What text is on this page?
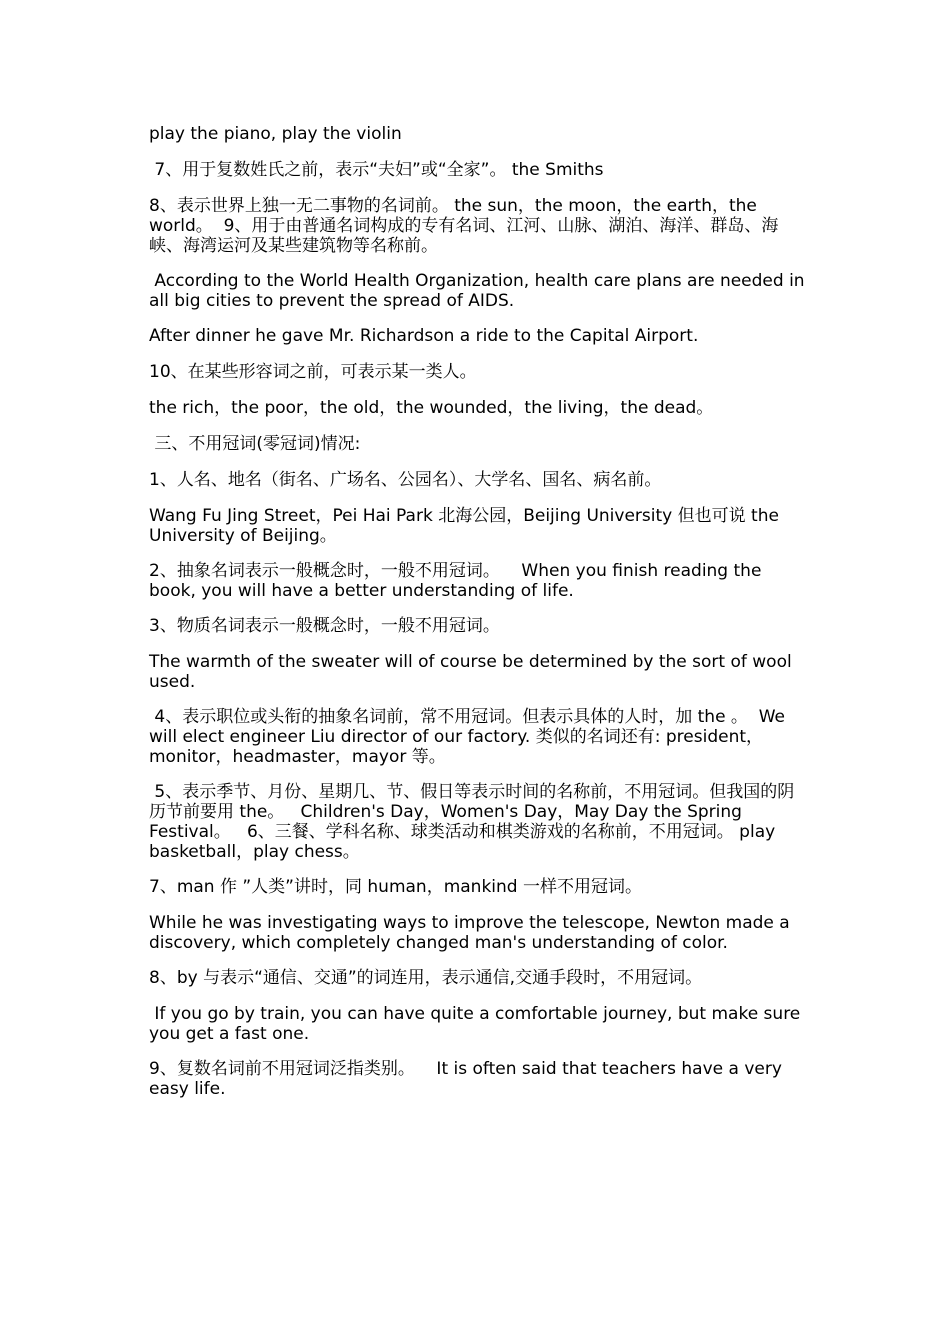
play the piano, play the violin

7、用于复数姓氏之前，表示“夫妇”或“全家”。 the Smiths

8、表示世界上独一无二事物的名词前。 the sun，the moon，the earth，the world。  9、用于由普通名词构成的专有名词、江河、山脉、湖泊、海洋、群岛、海峡、海湾运河及某些建筑物等名称前。

According to the World Health Organization, health care plans are needed in all big cities to prevent the spread of AIDS.

After dinner he gave Mr. Richardson a ride to the Capital Airport.

10、在某些形容词之前，可表示某一类人。

the rich，the poor，the old，the wounded，the living，the dead。

三、不用冠词(零冠词)情况:

1、人名、地名（街名、广场名、公园名）、大学名、国名、病名前。

Wang Fu Jing Street，Pei Hai Park 北海公园，Beijing University 但也可说 the University of Beijing。

2、抽象名词表示一般概念时，一般不用冠词。    When you finish reading the book, you will have a better understanding of life.

3、物质名词表示一般概念时，一般不用冠词。

The warmth of the sweater will of course be determined by the sort of wool used.

4、表示职位或头衔的抽象名词前，常不用冠词。但表示具体的人时，加 the 。  We will elect engineer Liu director of our factory. 类似的名词还有: president，monitor，headmaster，mayor 等。

5、表示季节、月份、星期几、节、假日等表示时间的名称前，不用冠词。但我国的阴历节前要用 the。   Children's Day，Women's Day，May Day the Spring Festival。   6、三餐、学科名称、球类活动和棋类游戏的名称前，不用冠词。 play basketball，play chess。

7、man 作 ”人类”讲时，同 human，mankind 一样不用冠词。

While he was investigating ways to improve the telescope, Newton made a discovery, which completely changed man's understanding of color.

8、by 与表示“通信、交通”的词连用，表示通信,交通手段时，不用冠词。

If you go by train, you can have quite a comfortable journey, but make sure you get a fast one.

9、复数名词前不用冠词泛指类别。    It is often said that teachers have a very easy life.
